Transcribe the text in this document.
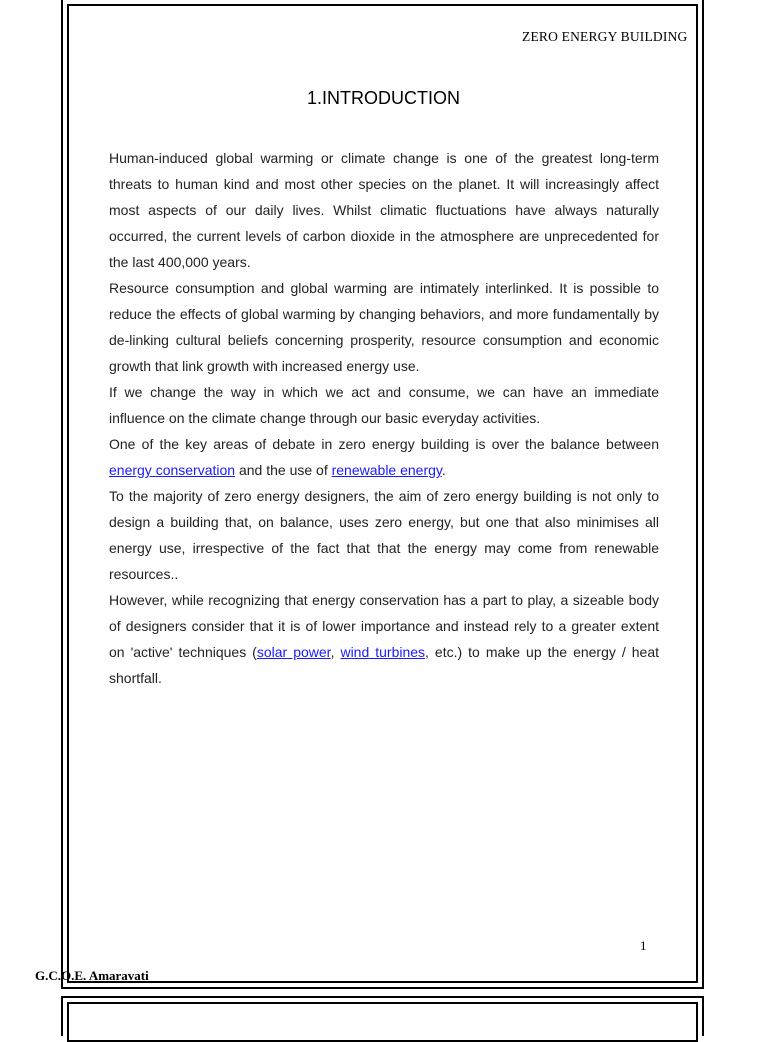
ZERO ENERGY BUILDING
1.INTRODUCTION

Human-induced global warming or climate change is one of the greatest long-term threats to human kind and most other species on the planet. It will increasingly affect most aspects of our daily lives. Whilst climatic fluctuations have always naturally occurred, the current levels of carbon dioxide in the atmosphere are unprecedented for the last 400,000 years.

Resource consumption and global warming are intimately interlinked. It is possible to reduce the effects of global warming by changing behaviors, and more fundamentally by de-linking cultural beliefs concerning prosperity, resource consumption and economic growth that link growth with increased energy use.

If we change the way in which we act and consume, we can have an immediate influence on the climate change through our basic everyday activities.

One of the key areas of debate in zero energy building is over the balance between energy conservation and the use of renewable energy.

To the majority of zero energy designers, the aim of zero energy building is not only to design a building that, on balance, uses zero energy, but one that also minimises all energy use, irrespective of the fact that that the energy may come from renewable resources..

However, while recognizing that energy conservation has a part to play, a sizeable body of designers consider that it is of lower importance and instead rely to a greater extent on 'active' techniques (solar power, wind turbines, etc.) to make up the energy / heat shortfall.

1
G.C.O.E. Amaravati
